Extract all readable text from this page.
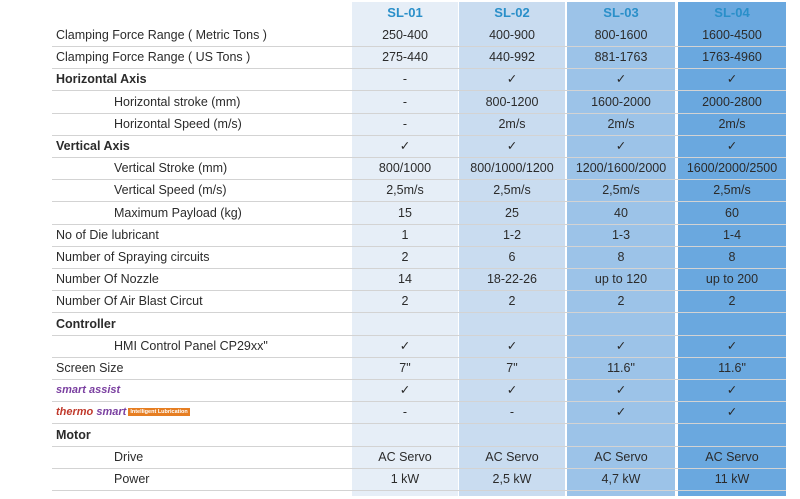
SL-01	SL-02	SL-03	SL-04
Clamping Force Range ( Metric Tons )	250-400	400-900	800-1600	1600-4500
Clamping Force Range ( US Tons )	275-440	440-992	881-1763	1763-4960
Horizontal Axis	-	✓	✓	✓
Horizontal stroke (mm)	-	800-1200	1600-2000	2000-2800
Horizontal Speed (m/s)	-	2m/s	2m/s	2m/s
Vertical Axis	✓	✓	✓	✓
Vertical Stroke (mm)	800/1000	800/1000/1200	1200/1600/2000	1600/2000/2500
Vertical Speed (m/s)	2,5m/s	2,5m/s	2,5m/s	2,5m/s
Maximum Payload (kg)	15	25	40	60
No of Die lubricant	1	1-2	1-3	1-4
Number of Spraying circuits	2	6	8	8
Number Of Nozzle	14	18-22-26	up to 120	up to 200
Number Of Air Blast Circut	2	2	2	2
Controller
HMI Control Panel CP29xx"	✓	✓	✓	✓
Screen Size	7"	7"	11.6"	11.6"
smart assist	✓	✓	✓	✓
thermo smart Intelligent Lubrication	-	-	✓	✓
Motor
Drive	AC Servo	AC Servo	AC Servo	AC Servo
Power	1 kW	2,5 kW	4,7 kW	11 kW
